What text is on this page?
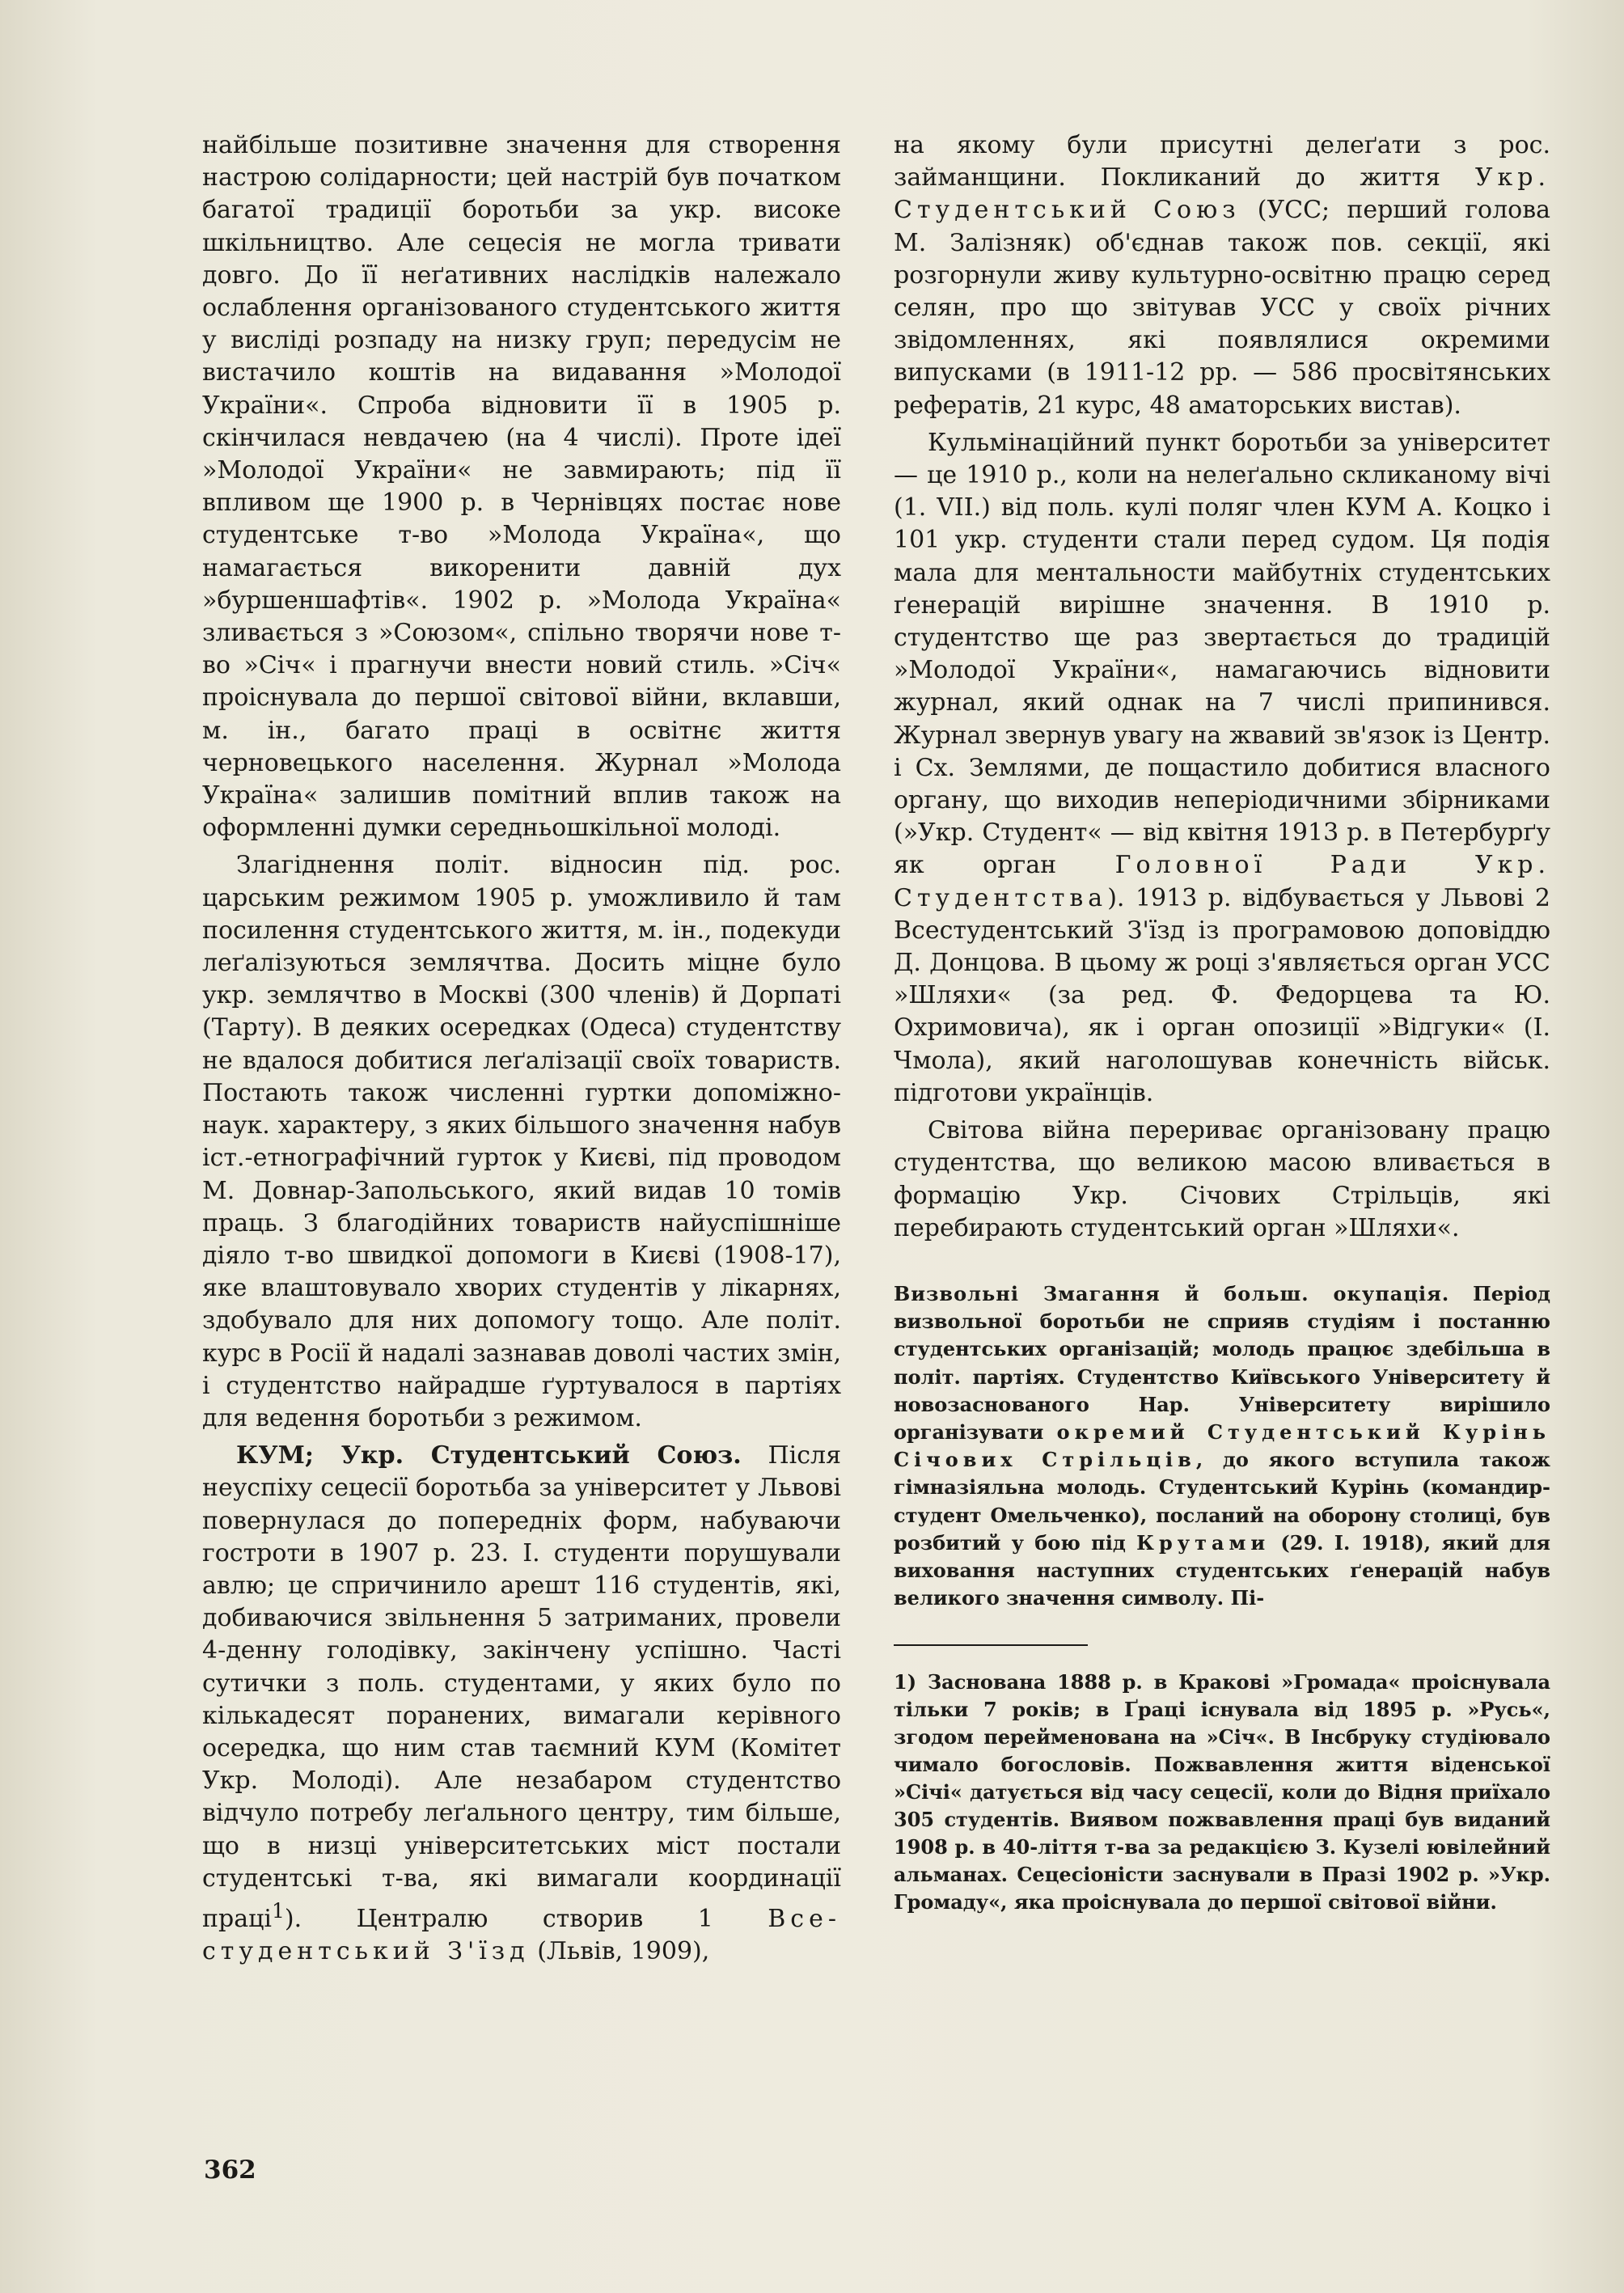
найбільше позитивне значення для створення настрою солідарности; цей настрій був початком багатої традиції боротьби за укр. високе шкільництво. Але сецесія не могла тривати довго. До її неґативних наслідків належало ослаблення організованого студентського життя у висліді розпаду на низку груп; передусім не вистачило коштів на видавання »Молодої України«. Спроба відновити її в 1905 р. скінчилася невдачею (на 4 числі). Проте ідеї »Молодої України« не завмирають; під її впливом ще 1900 р. в Чернівцях постає нове студентське т-во »Молода Україна«, що намагається викоренити давній дух »буршеншафтів«. 1902 р. »Молода Україна« зливається з »Союзом«, спільно творячи нове т-во »Січ« і прагнучи внести новий стиль. »Січ« проіснувала до першої світової війни, вклавши, м. ін., багато праці в освітнє життя черновецького населення. Журнал »Молода Україна« залишив помітний вплив також на оформленні думки середньошкільної молоді.

Злагіднення політ. відносин під. рос. царським режимом 1905 р. уможливило й там посилення студентського життя, м. ін., подекуди леґалізуються землячтва. Досить міцне було укр. землячтво в Москві (300 членів) й Дорпаті (Тарту). В деяких осередках (Одеса) студентству не вдалося добитися леґалізації своїх товариств. Постають також численні гуртки допоміжно-наук. характеру, з яких більшого значення набув іст.-етнографічний гурток у Києві, під проводом М. Довнар-Запольського, який видав 10 томів праць. З благодійних товариств найуспішніше діяло т-во швидкої допомоги в Києві (1908-17), яке влаштовувало хворих студентів у лікарнях, здобувало для них допомогу тощо. Але політ. курс в Росії й надалі зазнавав доволі частих змін, і студентство найрадше ґуртувалося в партіях для ведення боротьби з режимом.

КУМ; Укр. Студентський Союз. Після неуспіху сецесії боротьба за університет у Львові повернулася до попередніх форм, набуваючи гостроти в 1907 р. 23. І. студенти порушували авлю; це спричинило арешт 116 студентів, які, добиваючися звільнення 5 затриманих, провели 4-денну голодівку, закінчену успішно. Часті сутички з поль. студентами, у яких було по кількадесят поранених, вимагали керівного осередка, що ним став таємний КУМ (Комітет Укр. Молоді). Але незабаром студентство відчуло потребу леґального центру, тим більше, що в низці університетських міст постали студентські т-ва, які вимагали координації праці$^1$). Централю створив 1 Все-студентський З'їзд (Львів, 1909),

на якому були присутні делеґати з рос. займанщини. Покликаний до життя Укр. Студентський Союз (УСС; перший голова М. Залізняк) об'єднав також пов. секції, які розгорнули живу культурно-освітню працю серед селян, про що звітував УСС у своїх річних звідомленнях, які появлялися окремими випусками (в 1911-12 рр. — 586 просвітянських рефератів, 21 курс, 48 аматорських вистав).

Кульмінаційний пункт боротьби за університет — це 1910 р., коли на нелеґально скликаному вічі (1. VII.) від поль. кулі поляг член КУМ А. Коцко і 101 укр. студенти стали перед судом. Ця подія мала для ментальности майбутніх студентських ґенерацій вирішне значення. В 1910 р. студентство ще раз звертається до традицій »Молодої України«, намагаючись відновити журнал, який однак на 7 числі припинився. Журнал звернув увагу на жвавий зв'язок із Центр. і Сх. Землями, де пощастило добитися власного органу, що виходив неперіодичними збірниками (»Укр. Студент« — від квітня 1913 р. в Петербурґу як орган Головної Ради Укр. Студентства). 1913 р. відбувається у Львові 2 Всестудентський З'їзд із програмовою доповіддю Д. Донцова. В цьому ж році з'являється орган УСС »Шляхи« (за ред. Ф. Федорцева та Ю. Охримовича), як і орган опозиції »Відгуки« (І. Чмола), який наголошував конечність військ. підготови українців.

Світова війна перериває організовану працю студентства, що великою масою вливається в формацію Укр. Січових Стрільців, які перебирають студентський орган »Шляхи«.

Визвольні Змагання й больш. окупація. Період визвольної боротьби не сприяв студіям і постанню студентських організацій; молодь працює здебільша в політ. партіях. Студентство Київського Університету й новозаснованого Нар. Університету вирішило організувати окремий Студентський Курінь Січових Стрільців, до якого вступила також гімназіяльна молодь. Студентський Курінь (командир-студент Омельченко), посланий на оборону столиці, був розбитий у бою під Крутами (29. І. 1918), який для виховання наступних студентських ґенерацій набув великого значення символу. Пі-

1) Заснована 1888 р. в Кракові »Громада« проіснувала тільки 7 років; в Ґраці існувала від 1895 р. »Русь«, згодом перейменована на »Січ«. В Інсбруку студіювало чимало богословів. Пожвавлення життя віденської »Січі« датується від часу сецесії, коли до Відня приїхало 305 студентів. Виявом пожвавлення праці був виданий 1908 р. в 40-ліття т-ва за редакцією З. Кузелі ювілейний альманах. Сецесіоністи заснували в Празі 1902 р. »Укр. Громаду«, яка проіснувала до першої світової війни.

362
